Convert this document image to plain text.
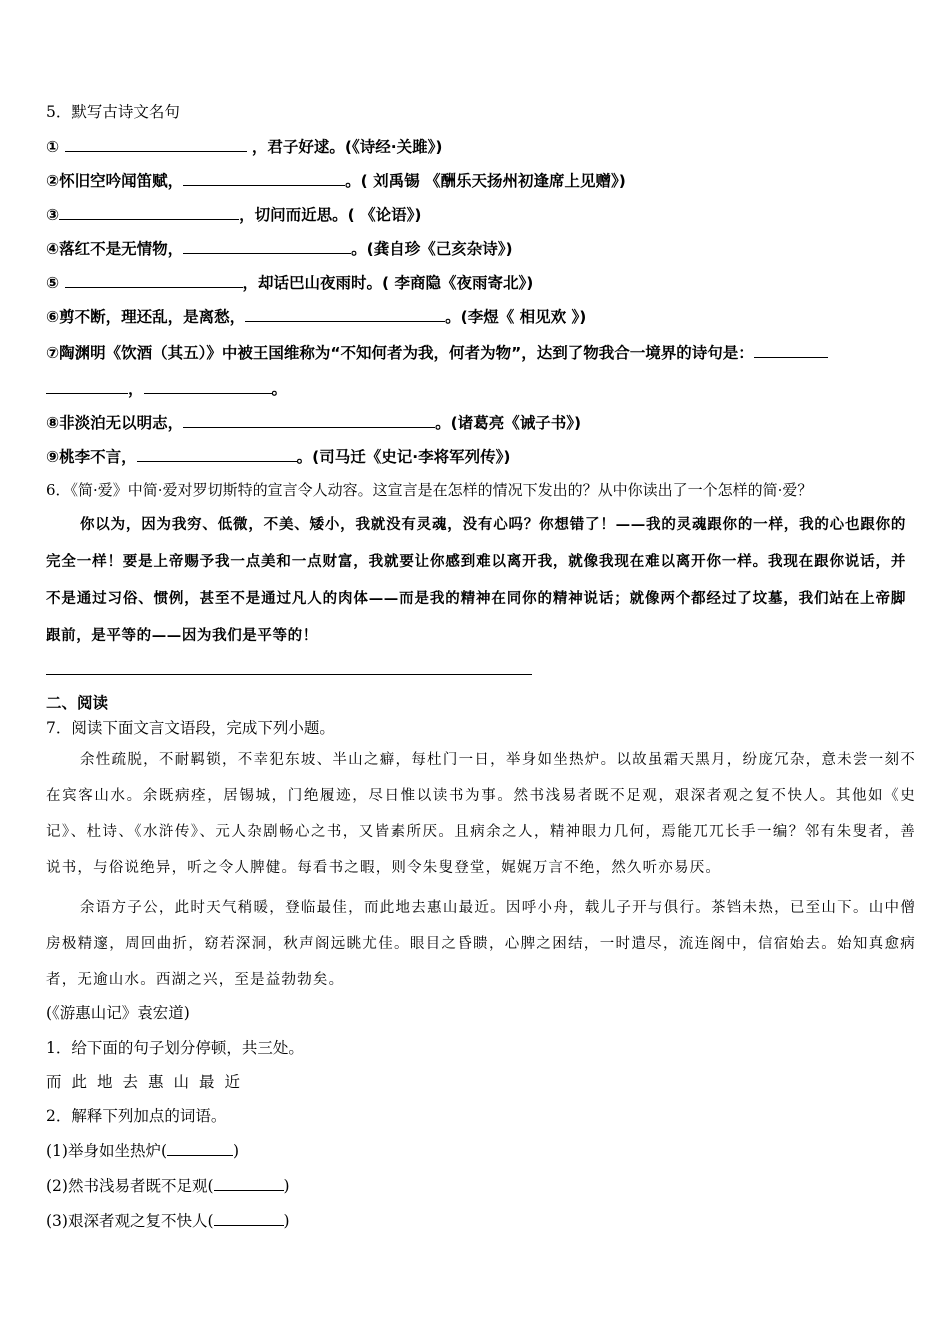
5．默写古诗文名句
①	，君子好逑。(《诗经·关雎》)
②怀旧空吟闻笛赋，	。( 刘禹锡 《酬乐天扬州初逢席上见赠》)
③	，切问而近思。( 《论语》)
④落红不是无情物，	。(龚自珍《己亥杂诗》)
⑤	，却话巴山夜雨时。( 李商隐《夜雨寄北》)
⑥剪不断，理还乱，是离愁，	。(李煜《 相见欢 》)
⑦陶渊明《饮酒（其五）》中被王国维称为“不知何者为我，何者为物”，达到了物我合一境界的诗句是：
，	。
⑧非淡泊无以明志，	。(诸葛亮《诫子书》)
⑨桃李不言，	。(司马迁《史记·李将军列传》)
6．《简·爱》中简·爱对罗切斯特的宣言令人动容。这宣言是在怎样的情况下发出的？从中你读出了一个怎样的简·爱？
你以为，因为我穷、低微，不美、矮小，我就没有灵魂，没有心吗？你想错了！——我的灵魂跟你的一样，我的心也跟你的完全一样！要是上帝赐予我一点美和一点财富，我就要让你感到难以离开我，就像我现在难以离开你一样。我现在跟你说话，并不是通过习俗、惯例，甚至不是通过凡人的肉体——而是我的精神在同你的精神说话；就像两个都经过了坟墓，我们站在上帝脚跟前，是平等的——因为我们是平等的！
二、阅读
7．阅读下面文言文语段，完成下列小题。
余性疏脱，不耐羁锁，不幸犯东坡、半山之癖，每杜门一日，举身如坐热炉。以故虽霜天黑月，纷庞冗杂，意未尝一刻不在宾客山水。余既病痊，居锡城，门绝履迹，尽日惟以读书为事。然书浅易者既不足观，艰深者观之复不快人。其他如《史记》、杜诗、《水浒传》、元人杂剧畅心之书，又皆素所厌。且病余之人，精神眼力几何，焉能兀兀长手一编？邻有朱叟者，善说书，与俗说绝异，听之令人脾健。每看书之暇，则令朱叟登堂，娓娓万言不绝，然久听亦易厌。
余语方子公，此时天气稍暖，登临最佳，而此地去惠山最近。因呼小舟，载儿子开与俱行。茶铛未热，已至山下。山中僧房极精邃，周回曲折，窈若深洞，秋声阁远眺尤佳。眼目之昏瞆，心脾之困结，一时遣尽，流连阁中，信宿始去。始知真愈病者，无逾山水。西湖之兴，至是益勃勃矣。
(《游惠山记》袁宏道)
1．给下面的句子划分停顿，共三处。
而此地去惠山最近
2．解释下列加点的词语。
(1)举身如坐热炉(	)
(2)然书浅易者既不足观(	)
(3)艰深者观之复不快人(	)
